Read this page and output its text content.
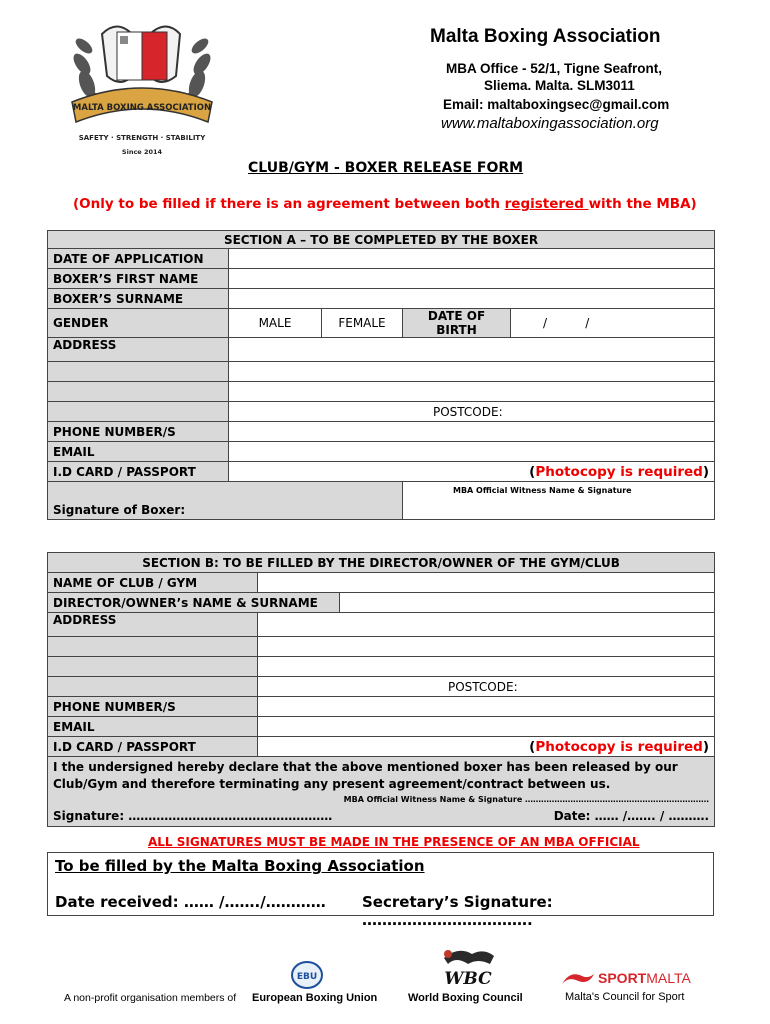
MALTA BOXING ASSOCIATION
SAFETY · STRENGTH · STABILITY
Since 2014
Malta Boxing Association
MBA Office - 52/1, Tigne Seafront,
Sliema. Malta. SLM3011
Email: maltaboxingsec@gmail.com
www.maltaboxingassociation.org
CLUB/GYM - BOXER RELEASE FORM
(Only to be filled if there is an agreement between both registered with the MBA)
SECTION A – TO BE COMPLETED BY THE BOXER				
DATE OF APPLICATION				
BOXER’S FIRST NAME				
BOXER’S SURNAME				
GENDER	MALE	FEMALE	DATE OF BIRTH	/          /
ADDRESS				

	POSTCODE:			
PHONE NUMBER/S				
EMAIL				
I.D CARD / PASSPORT	(Photocopy is required)			
Signature of Boxer:			MBA Official Witness Name & Signature	
SECTION B: TO BE FILLED BY THE DIRECTOR/OWNER OF THE GYM/CLUB		
NAME OF CLUB / GYM		
DIRECTOR/OWNER’s NAME & SURNAME		
ADDRESS		

	POSTCODE:	
PHONE NUMBER/S		
EMAIL		
I.D CARD / PASSPORT	(Photocopy is required)	

I the undersigned hereby declare that the above mentioned boxer has been released by our
Club/Gym and therefore terminating any present agreement/contract between us.
MBA Official Witness Name & Signature ……………………………………………………………
Signature: …………………………………………… Date: …… /……. / ……….		
ALL SIGNATURES MUST BE MADE IN THE PRESENCE OF AN MBA OFFICIAL
To be filled by the Malta Boxing Association
Date received: …… /……./………… Secretary’s Signature: …………………………….
A non-profit organisation members of
EBU
European Boxing Union
WBC
World Boxing Council
SPORT MALTA
Malta's Council for Sport
